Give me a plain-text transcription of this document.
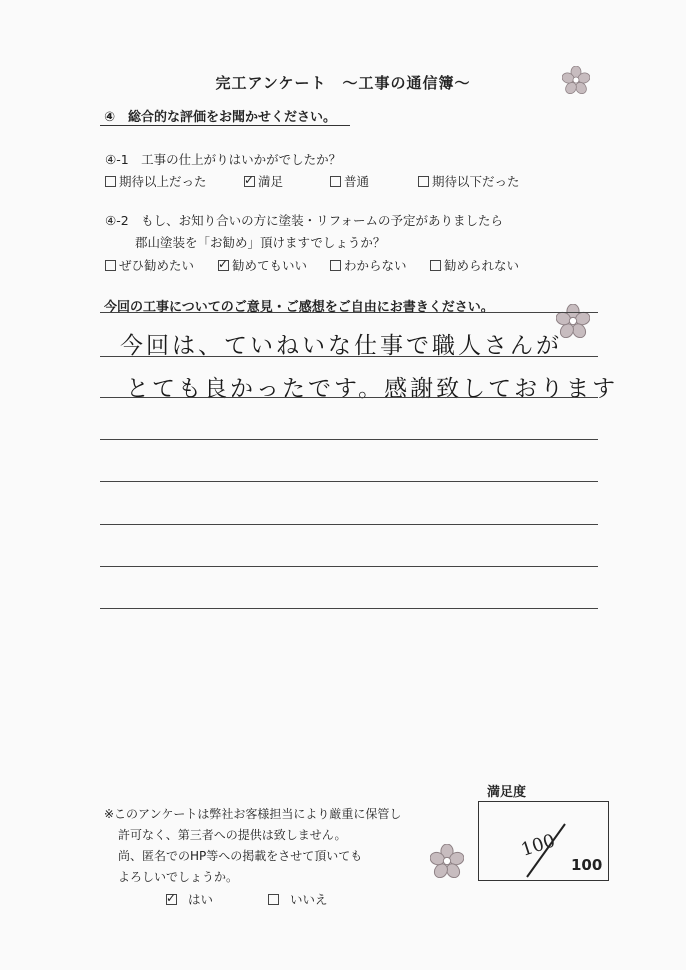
完工アンケート　～工事の通信簿～
④　総合的な評価をお聞かせください。
④-1　工事の仕上がりはいかがでしたか？
期待以上だった	✓ 満足	普通	期待以下だった
④-2　もし、お知り合いの方に塗装・リフォームの予定がありましたら
郡山塗装を「お勧め」頂けますでしょうか？
ぜひ勧めたい ✓ 勧めてもいい	わからない	勧められない
今回の工事についてのご意見・ご感想をご自由にお書きください。
今回は、ていねいな仕事で職人さんが
とても良かったです。感謝致しております
※このアンケートは弊社お客様担当により厳重に保管し
許可なく、第三者への提供は致しません。
尚、匿名でのHP等への掲載をさせて頂いても
よろしいでしょうか。
✓ はい	いいえ
満足度
100
100
